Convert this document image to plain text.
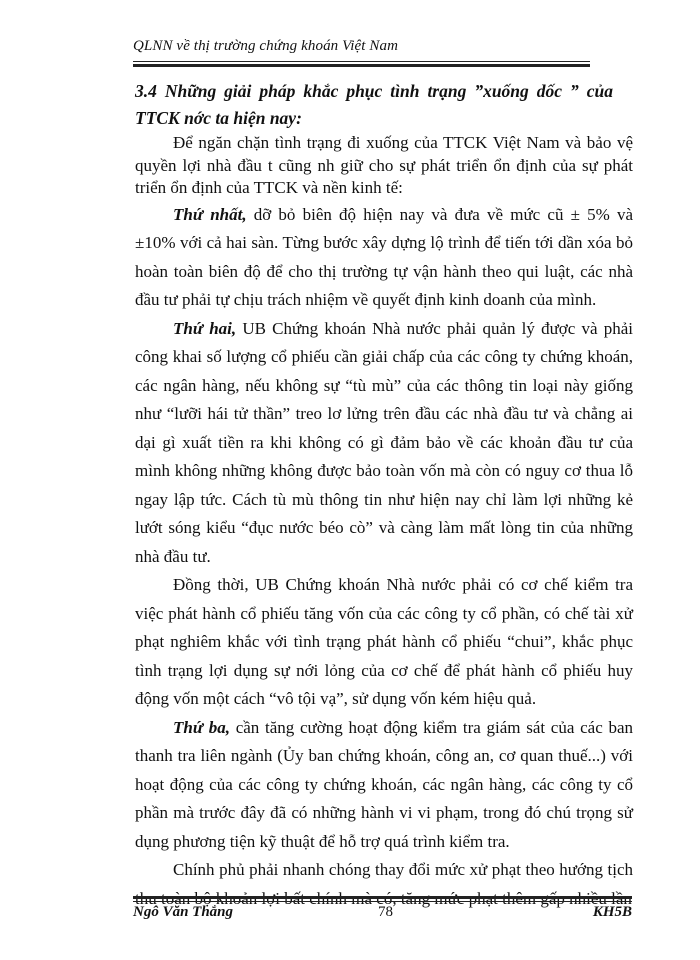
QLNN về thị trường chứng khoán Việt Nam

3.4 Những giải pháp khắc phục tình trạng ”xuống dốc ” của TTCK nớc ta hiện nay:

Để ngăn chặn tình trạng đi xuống của TTCK Việt Nam và bảo vệ quyền lợi nhà đầu t cũng nh giữ cho sự phát triển ổn định của sự phát triển ổn định của TTCK và nền kinh tế:

Thứ nhất, dỡ bỏ biên độ hiện nay và đưa về mức cũ ± 5% và ±10% với cả hai sàn. Từng bước xây dựng lộ trình để tiến tới dần xóa bỏ hoàn toàn biên độ để cho thị trường tự vận hành theo qui luật, các nhà đầu tư phải tự chịu trách nhiệm về quyết định kinh doanh của mình.

Thứ hai, UB Chứng khoán Nhà nước phải quản lý được và phải công khai số lượng cổ phiếu cần giải chấp của các công ty chứng khoán, các ngân hàng, nếu không sự “tù mù” của các thông tin loại này giống như “lưỡi hái tử thần” treo lơ lửng trên đầu các nhà đầu tư và chẳng ai dại gì xuất tiền ra khi không có gì đảm bảo về các khoản đầu tư của mình không những không được bảo toàn vốn mà còn có nguy cơ thua lỗ ngay lập tức. Cách tù mù thông tin như hiện nay chỉ làm lợi những kẻ lướt sóng kiểu “đục nước béo cò” và càng làm mất lòng tin của những nhà đầu tư.

Đồng thời, UB Chứng khoán Nhà nước phải có cơ chế kiểm tra việc phát hành cổ phiếu tăng vốn của các công ty cổ phần, có chế tài xử phạt nghiêm khắc với tình trạng phát hành cổ phiếu “chui”, khắc phục tình trạng lợi dụng sự nới lỏng của cơ chế để phát hành cổ phiếu huy động vốn một cách “vô tội vạ”, sử dụng vốn kém hiệu quả.

Thứ ba, cần tăng cường hoạt động kiểm tra giám sát của các ban thanh tra liên ngành (Ủy ban chứng khoán, công an, cơ quan thuế...) với hoạt động của các công ty chứng khoán, các ngân hàng, các công ty cổ phần mà trước đây đã có những hành vi vi phạm, trong đó chú trọng sử dụng phương tiện kỹ thuật để hỗ trợ quá trình kiểm tra.

Chính phủ phải nhanh chóng thay đổi mức xử phạt theo hướng tịch thu toàn bộ khoản lợi bất chính mà có, tăng mức phạt thêm gấp nhiều lần

Ngô Văn Thắng	78	KH5B
